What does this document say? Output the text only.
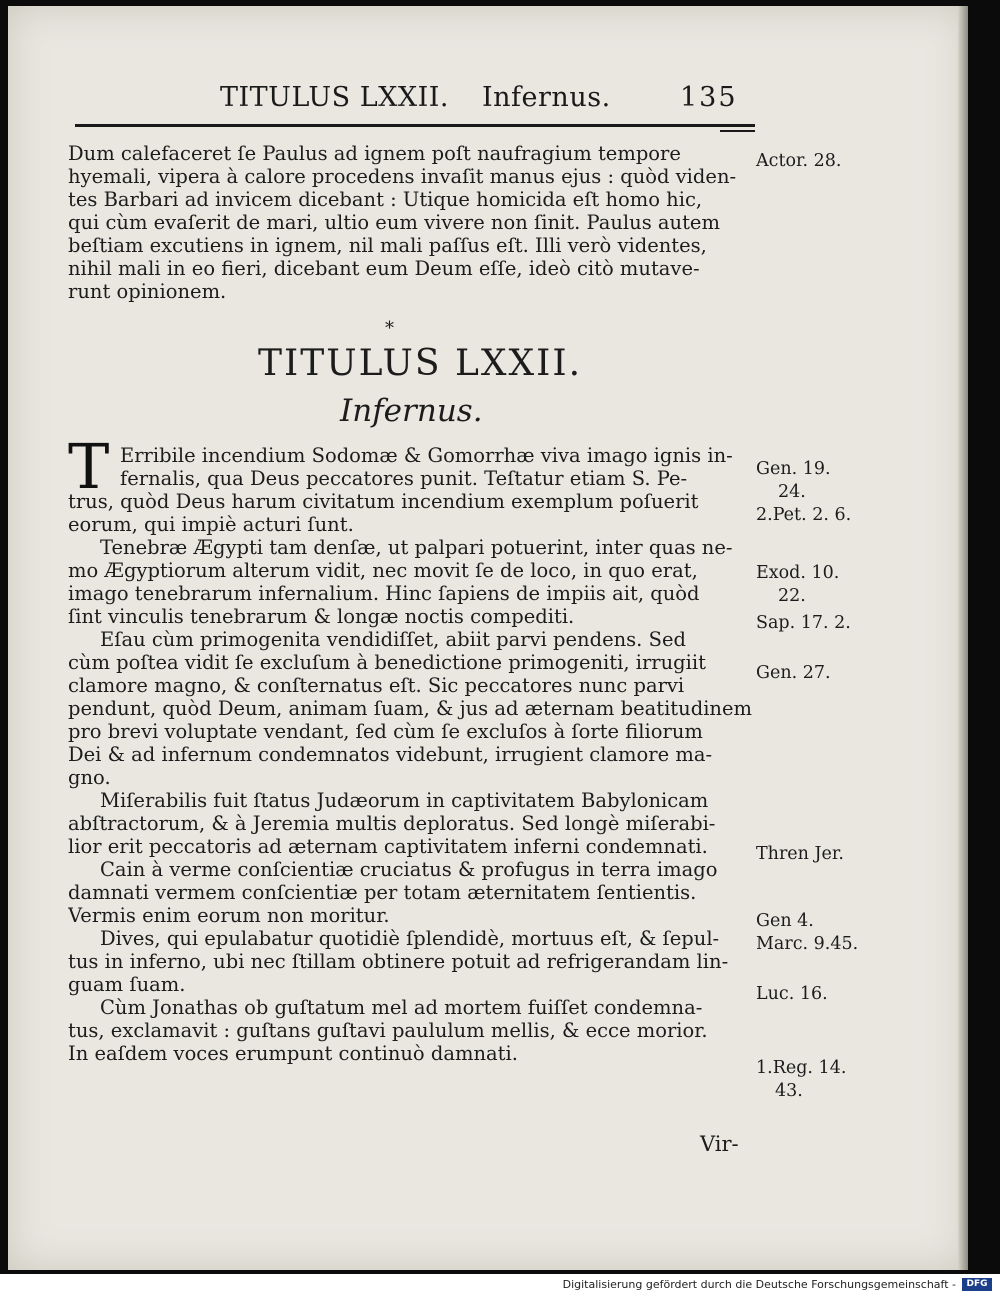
TITULUS LXXII. Infernus.	135
Dum calefaceret ſe Paulus ad ignem poſt naufragium tempore
hyemali, vipera à calore procedens invaſit manus ejus : quòd viden-
tes Barbari ad invicem dicebant : Utique homicida eſt homo hic,
qui cùm evaſerit de mari, ultio eum vivere non ſinit. Paulus autem
beſtiam excutiens in ignem, nil mali paſſus eſt. Illi verò videntes,
nihil mali in eo fieri, dicebant eum Deum eſſe, ideò citò mutave-
runt opinionem.
Actor. 28.
*
TITULUS LXXII.
Infernus.
T Erribile incendium Sodomæ & Gomorrhæ viva imago ignis in-
fernalis, qua Deus peccatores punit. Teſtatur etiam S. Pe-
trus, quòd Deus harum civitatum incendium exemplum poſuerit
eorum, qui impiè acturi ſunt.
Tenebræ Ægypti tam denſæ, ut palpari potuerint, inter quas ne-
mo Ægyptiorum alterum vidit, nec movit ſe de loco, in quo erat,
imago tenebrarum infernalium. Hinc ſapiens de impiis ait, quòd
ſint vinculis tenebrarum & longæ noctis compediti.
Eſau cùm primogenita vendidiſſet, abiit parvi pendens. Sed
cùm poſtea vidit ſe excluſum à benedictione primogeniti, irrugiit
clamore magno, & conſternatus eſt. Sic peccatores nunc parvi
pendunt, quòd Deum, animam ſuam, & jus ad æternam beatitudinem
pro brevi voluptate vendant, ſed cùm ſe excluſos à ſorte filiorum
Dei & ad infernum condemnatos videbunt, irrugient clamore ma-
gno.
Miſerabilis fuit ſtatus Judæorum in captivitatem Babylonicam
abſtractorum, & à Jeremia multis deploratus. Sed longè miſerabi-
lior erit peccatoris ad æternam captivitatem inferni condemnati.
Cain à verme conſcientiæ cruciatus & profugus in terra imago
damnati vermem conſcientiæ per totam æternitatem ſentientis.
Vermis enim eorum non moritur.
Dives, qui epulabatur quotidiè ſplendidè, mortuus eſt, & ſepul-
tus in inferno, ubi nec ſtillam obtinere potuit ad refrigerandam lin-
guam ſuam.
Cùm Jonathas ob guſtatum mel ad mortem fuiſſet condemna-
tus, exclamavit : guſtans guſtavi paululum mellis, & ecce morior.
In eaſdem voces erumpunt continuò damnati.
Gen. 19.
24.
2.Pet. 2. 6.
Exod. 10.
22.
Sap. 17. 2.
Gen. 27.
Thren Jer.
Gen 4.
Marc. 9.45.
Luc. 16.
1.Reg. 14.
43.
Vir-
Digitalisierung gefördert durch die Deutsche Forschungsgemeinschaft -	DFG
